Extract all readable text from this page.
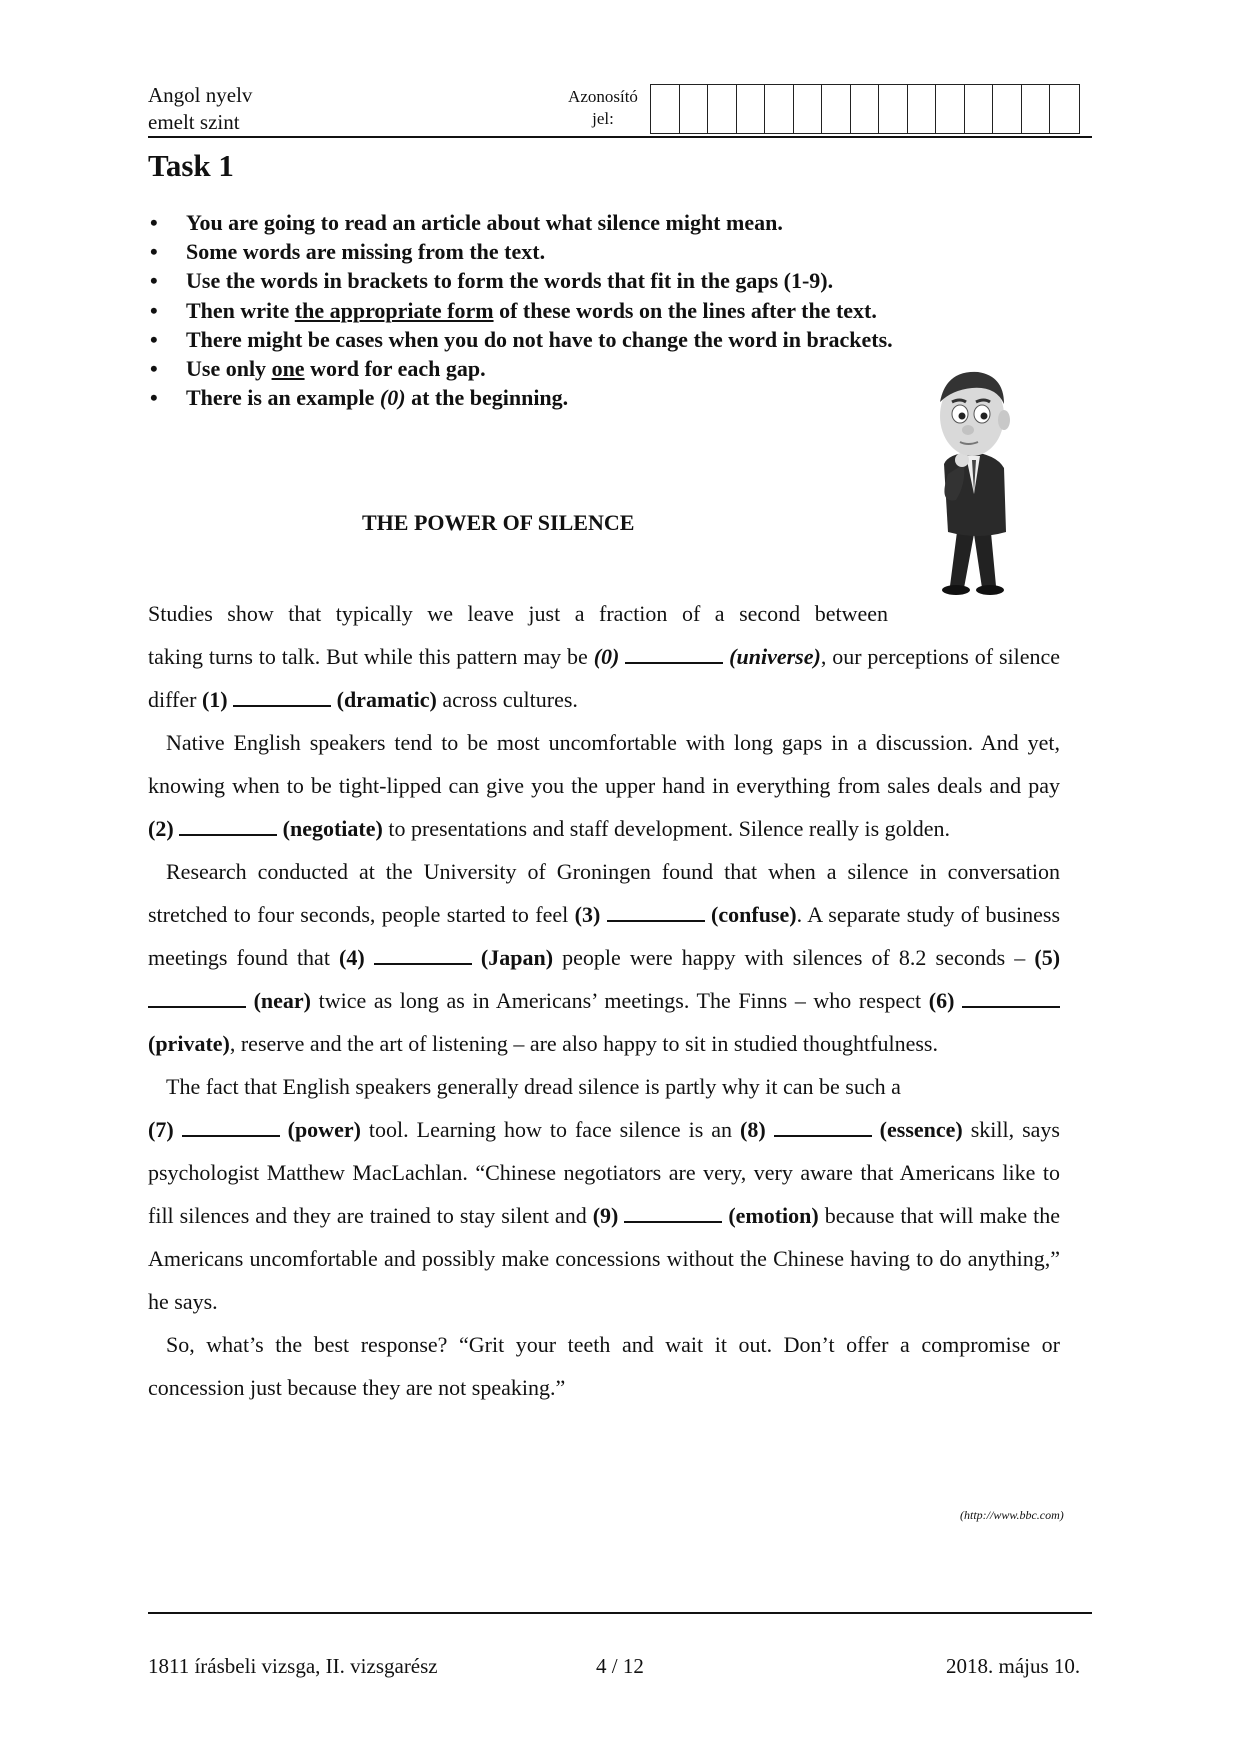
Angol nyelv
emelt szint
Azonosító
jel:
Task 1
• You are going to read an article about what silence might mean.
• Some words are missing from the text.
• Use the words in brackets to form the words that fit in the gaps (1-9).
• Then write the appropriate form of these words on the lines after the text.
• There might be cases when you do not have to change the word in brackets.
• Use only one word for each gap.
• There is an example (0) at the beginning.
THE POWER OF SILENCE

Studies show that typically we leave just a fraction of a second between
taking turns to talk. But while this pattern may be (0)	(universe), our perceptions of silence differ (1)	(dramatic) across cultures.

Native English speakers tend to be most uncomfortable with long gaps in a discussion. And yet, knowing when to be tight-lipped can give you the upper hand in everything from sales deals and pay (2)	(negotiate) to presentations and staff development. Silence really is golden.

Research conducted at the University of Groningen found that when a silence in conversation stretched to four seconds, people started to feel (3)	(confuse). A separate study of business meetings found that (4)	(Japan) people were happy with silences of 8.2 seconds – (5)  (near) twice as long as in Americans’ meetings. The Finns – who respect (6)  (private), reserve and the art of listening – are also happy to sit in studied thoughtfulness.

The fact that English speakers generally dread silence is partly why it can be such a
(7)	(power) tool. Learning how to face silence is an (8)	(essence) skill, says psychologist Matthew MacLachlan. “Chinese negotiators are very, very aware that Americans like to fill silences and they are trained to stay silent and (9)	(emotion) because that will make the Americans uncomfortable and possibly make concessions without the Chinese having to do anything,” he says.

So, what’s the best response? “Grit your teeth and wait it out. Don’t offer a compromise or concession just because they are not speaking.”

(http://www.bbc.com)
1811 írásbeli vizsga, II. vizsgarész	4 / 12	2018. május 10.
